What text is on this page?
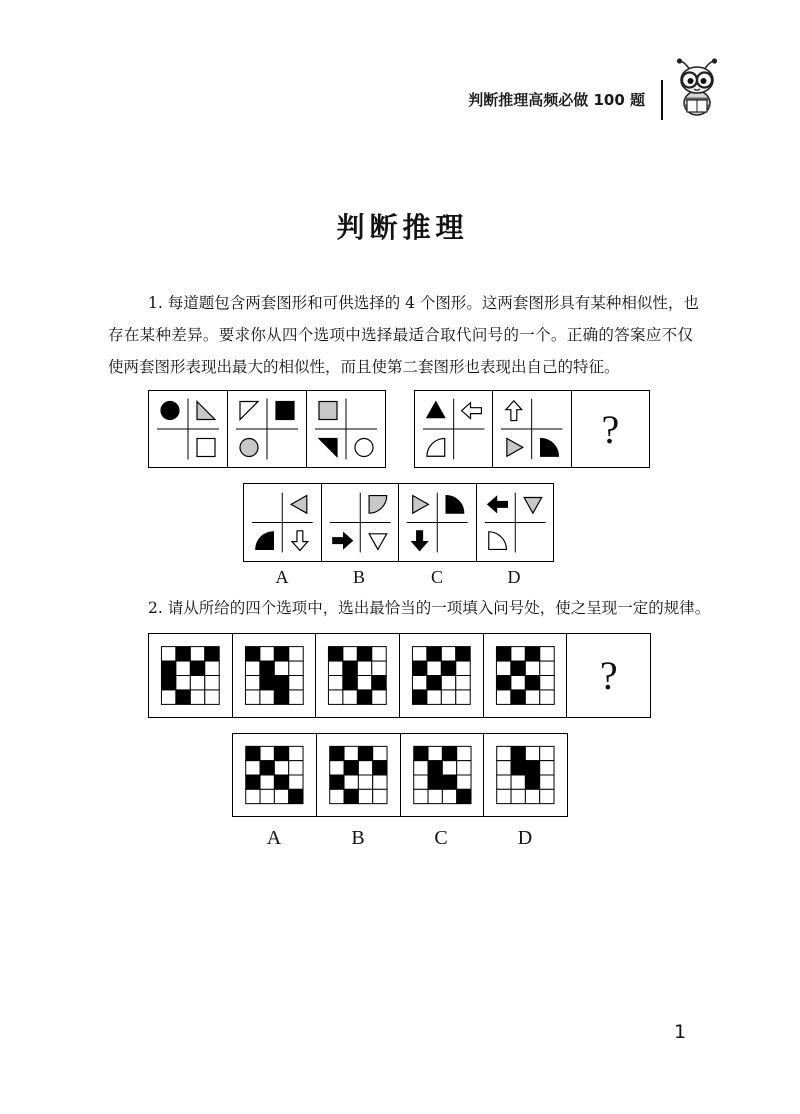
判断推理高频必做 100 题
判断推理
1. 每道题包含两套图形和可供选择的 4 个图形。这两套图形具有某种相似性，也
存在某种差异。要求你从四个选项中选择最适合取代问号的一个。正确的答案应不仅
使两套图形表现出最大的相似性，而且使第二套图形也表现出自己的特征。
?
A	B	C	D
2. 请从所给的四个选项中，选出最恰当的一项填入问号处，使之呈现一定的规律。
?
A	B	C	D
1
